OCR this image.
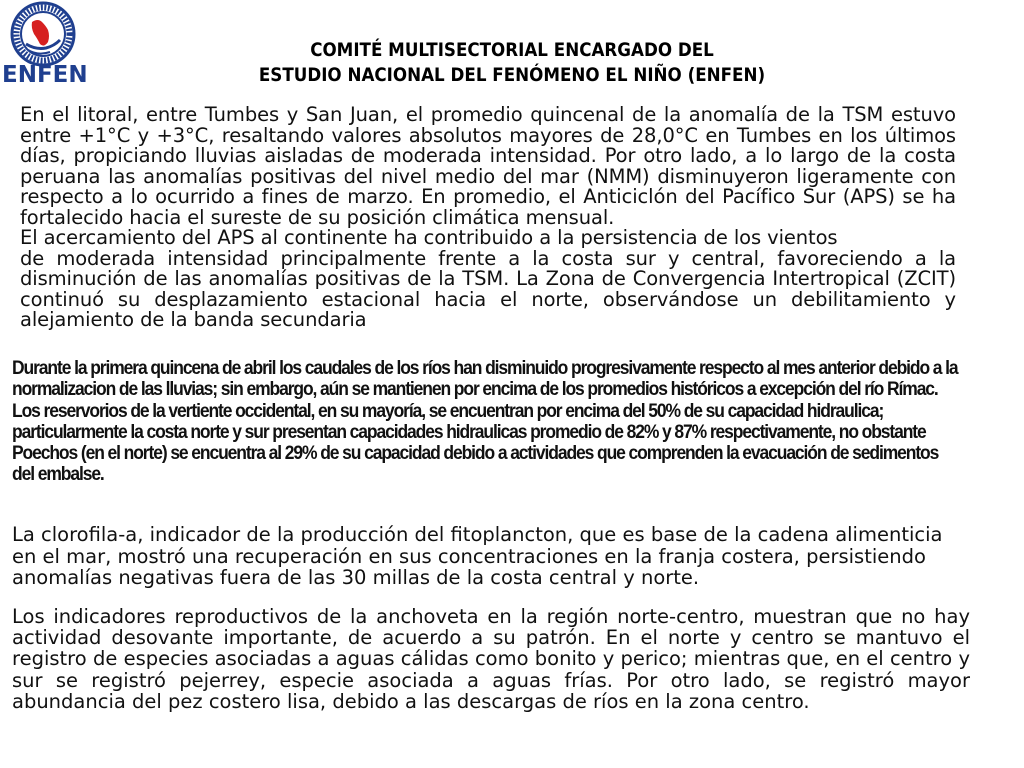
ENFEN
COMITÉ MULTISECTORIAL ENCARGADO DEL
ESTUDIO NACIONAL DEL FENÓMENO EL NIÑO (ENFEN)
En el litoral, entre Tumbes y San Juan, el promedio quincenal de la anomalía de la TSM estuvo entre +1°C y +3°C, resaltando valores absolutos mayores de 28,0°C en Tumbes en los últimos días, propiciando lluvias aisladas de moderada intensidad. Por otro lado, a lo largo de la costa peruana las anomalías positivas del nivel medio del mar (NMM) disminuyeron ligeramente con respecto a lo ocurrido a fines de marzo. En promedio, el Anticiclón del Pacífico Sur (APS) se ha fortalecido hacia el sureste de su posición climática mensual.
El acercamiento del APS al continente ha contribuido a la persistencia de los vientos
de moderada intensidad principalmente frente a la costa sur y central, favoreciendo a la disminución de las anomalías positivas de la TSM. La Zona de Convergencia Intertropical (ZCIT) continuó su desplazamiento estacional hacia el norte, observándose un debilitamiento y alejamiento de la banda secundaria
Durante la primera quincena de abril los caudales de los ríos han disminuido progresivamente respecto al mes anterior debido a la normalizacion de las lluvias; sin embargo, aún se mantienen por encima de los promedios históricos a excepción del río Rímac. Los reservorios de la vertiente occidental, en su mayoría, se encuentran por encima del 50% de su capacidad hidraulica; particularmente la costa norte y sur presentan capacidades hidraulicas promedio de 82% y 87% respectivamente, no obstante Poechos (en el norte) se encuentra al 29% de su capacidad debido a actividades que comprenden la evacuación de sedimentos del embalse.
La clorofila-a, indicador de la producción del fitoplancton, que es base de la cadena alimenticia en el mar, mostró una recuperación en sus concentraciones en la franja costera, persistiendo anomalías negativas fuera de las 30 millas de la costa central y norte.
Los indicadores reproductivos de la anchoveta en la región norte-centro, muestran que no hay actividad desovante importante, de acuerdo a su patrón. En el norte y centro se mantuvo el registro de especies asociadas a aguas cálidas como bonito y perico; mientras que, en el centro y sur se registró pejerrey, especie asociada a aguas frías. Por otro lado, se registró mayor abundancia del pez costero lisa, debido a las descargas de ríos en la zona centro.
